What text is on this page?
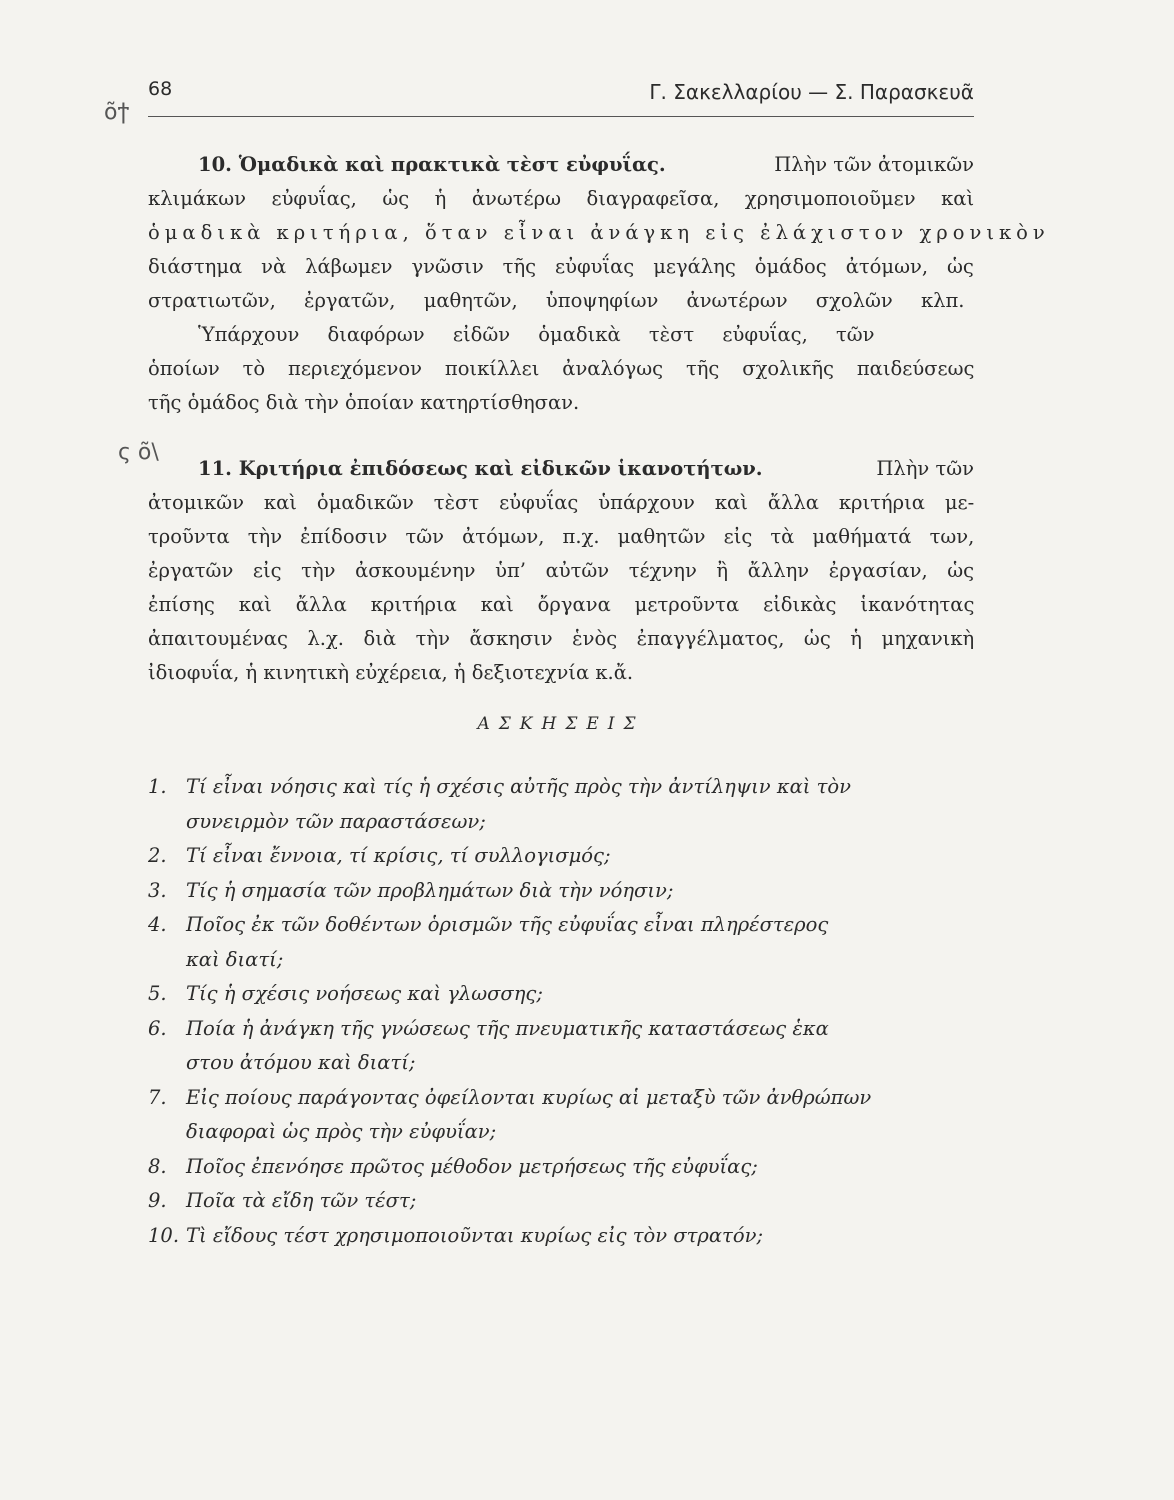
68	Γ. Σακελλαρίου — Σ. Παρασκευᾶ
ο͂ϯ
ς ο͂\
10. Ὁμαδικὰ καὶ πρακτικὰ τὲστ εὐφυΐας.	Πλὴν τῶν ἀτομικῶν
κλιμάκων εὐφυΐας, ὡς ἡ ἀνωτέρω διαγραφεῖσα, χρησιμοποιοῦμεν καὶ
ὁμαδικὰ κριτήρια, ὅταν εἶναι ἀνάγκη εἰς ἐλάχιστον χρονικὸν
διάστημα νὰ λάβωμεν γνῶσιν τῆς εὐφυΐας μεγάλης ὁμάδος ἀτόμων, ὡς
στρατιωτῶν, ἐργατῶν, μαθητῶν, ὑποψηφίων ἀνωτέρων σχολῶν κλπ.
Ὑπάρχουν διαφόρων εἰδῶν ὁμαδικὰ τὲστ εὐφυΐας, τῶν
ὁποίων τὸ περιεχόμενον ποικίλλει ἀναλόγως τῆς σχολικῆς παιδεύσεως
τῆς ὁμάδος διὰ τὴν ὁποίαν κατηρτίσθησαν.
11. Κριτήρια ἐπιδόσεως καὶ εἰδικῶν ἱκανοτήτων.	Πλὴν τῶν
ἀτομικῶν καὶ ὁμαδικῶν τὲστ εὐφυΐας ὑπάρχουν καὶ ἄλλα κριτήρια με-
τροῦντα τὴν ἐπίδοσιν τῶν ἀτόμων, π.χ. μαθητῶν εἰς τὰ μαθήματά των,
ἐργατῶν εἰς τὴν ἀσκουμένην ὑπ’ αὐτῶν τέχνην ἢ ἄλλην ἐργασίαν, ὡς
ἐπίσης καὶ ἄλλα κριτήρια καὶ ὄργανα μετροῦντα εἰδικὰς ἱκανότητας
ἀπαιτουμένας λ.χ. διὰ τὴν ἄσκησιν ἑνὸς ἐπαγγέλματος, ὡς ἡ μηχανικὴ
ἰδιοφυΐα, ἡ κινητικὴ εὐχέρεια, ἡ δεξιοτεχνία κ.ἄ.
ΑΣΚΗΣΕΙΣ
1. Τί εἶναι νόησις καὶ τίς ἡ σχέσις αὐτῆς πρὸς τὴν ἀντίληψιν καὶ τὸν
συνειρμὸν τῶν παραστάσεων;
2. Τί εἶναι ἔννοια, τί κρίσις, τί συλλογισμός;
3. Τίς ἡ σημασία τῶν προβλημάτων διὰ τὴν νόησιν;
4. Ποῖος ἐκ τῶν δοθέντων ὁρισμῶν τῆς εὐφυΐας εἶναι πληρέστερος
καὶ διατί;
5. Τίς ἡ σχέσις νοήσεως καὶ γλωσσης;
6. Ποία ἡ ἀνάγκη τῆς γνώσεως τῆς πνευματικῆς καταστάσεως ἑκα
στου ἀτόμου καὶ διατί;
7. Εἰς ποίους παράγοντας ὀφείλονται κυρίως αἱ μεταξὺ τῶν ἀνθρώπων
διαφοραὶ ὡς πρὸς τὴν εὐφυΐαν;
8. Ποῖος ἐπενόησε πρῶτος μέθοδον μετρήσεως τῆς εὐφυΐας;
9. Ποῖα τὰ εἴδη τῶν τέστ;
10. Τὶ εἴδους τέστ χρησιμοποιοῦνται κυρίως εἰς τὸν στρατόν;
